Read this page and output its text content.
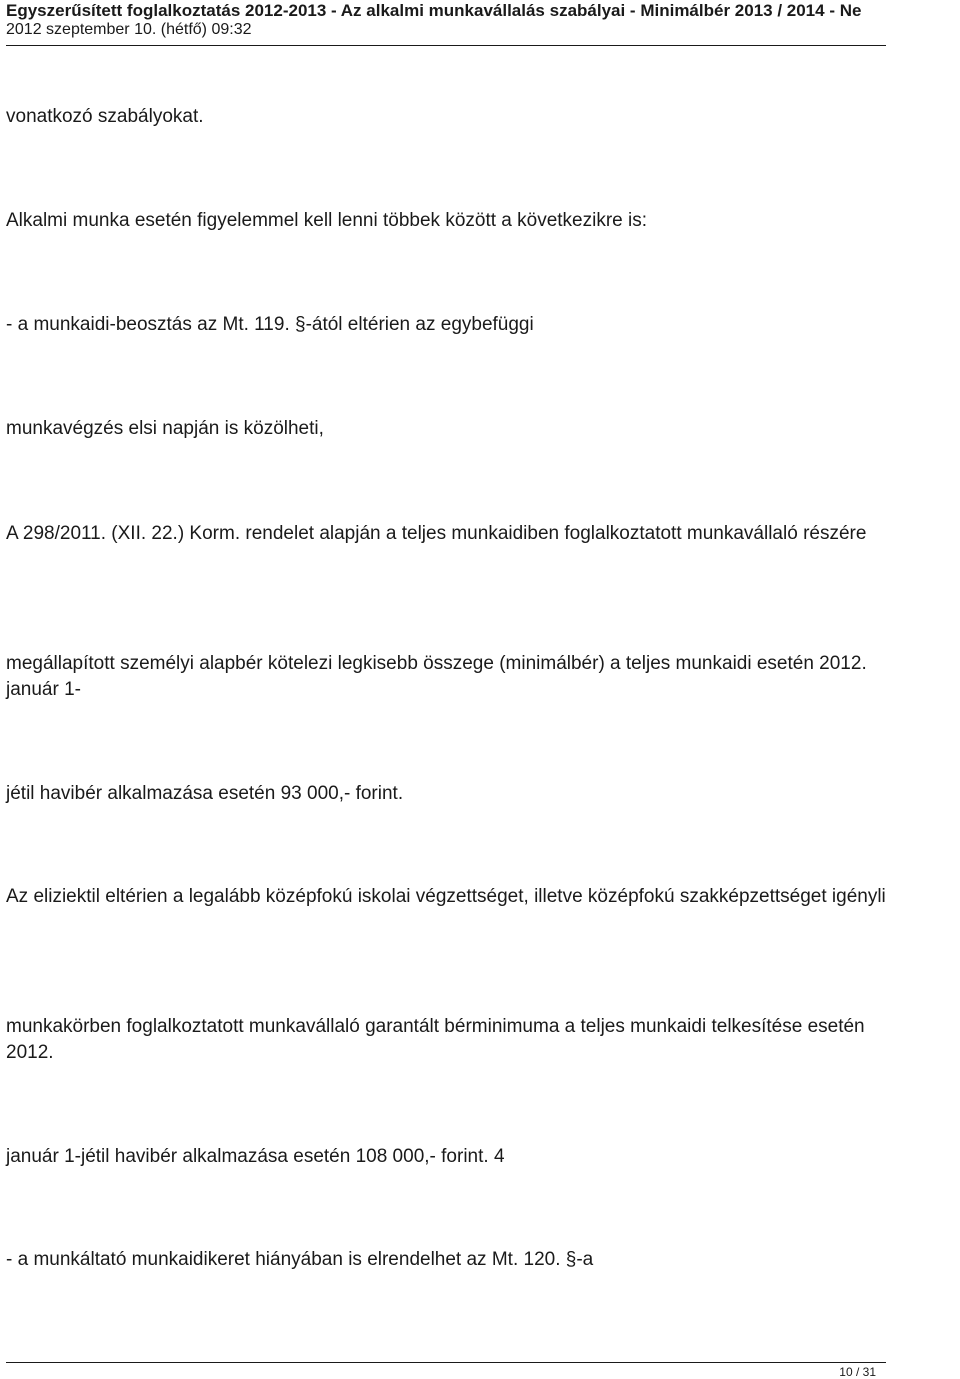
Egyszerűsített foglalkoztatás 2012-2013 - Az alkalmi munkavállalás szabályai - Minimálbér 2013 / 2014 - Ne
2012 szeptember 10. (hétfő) 09:32

vonatkozó szabályokat.

Alkalmi munka esetén figyelemmel kell lenni többek között a következikre is:

- a munkaidi-beosztás az Mt. 119. §-ától eltérien az egybefüggi

munkavégzés elsi napján is közölheti,

A 298/2011. (XII. 22.) Korm. rendelet alapján a teljes munkaidiben foglalkoztatott munkavállaló részére

megállapított személyi alapbér kötelezi legkisebb összege (minimálbér) a teljes munkaidi esetén 2012. január 1-

jétil havibér alkalmazása esetén 93 000,- forint.

Az eliziektil eltérien a legalább középfokú iskolai végzettséget, illetve középfokú szakképzettséget igényli

munkakörben foglalkoztatott munkavállaló garantált bérminimuma a teljes munkaidi telkesítése esetén 2012.

január 1-jétil havibér alkalmazása esetén 108 000,- forint. 4

- a munkáltató munkaidikeret hiányában is elrendelhet az Mt. 120. §-a

10 / 31
